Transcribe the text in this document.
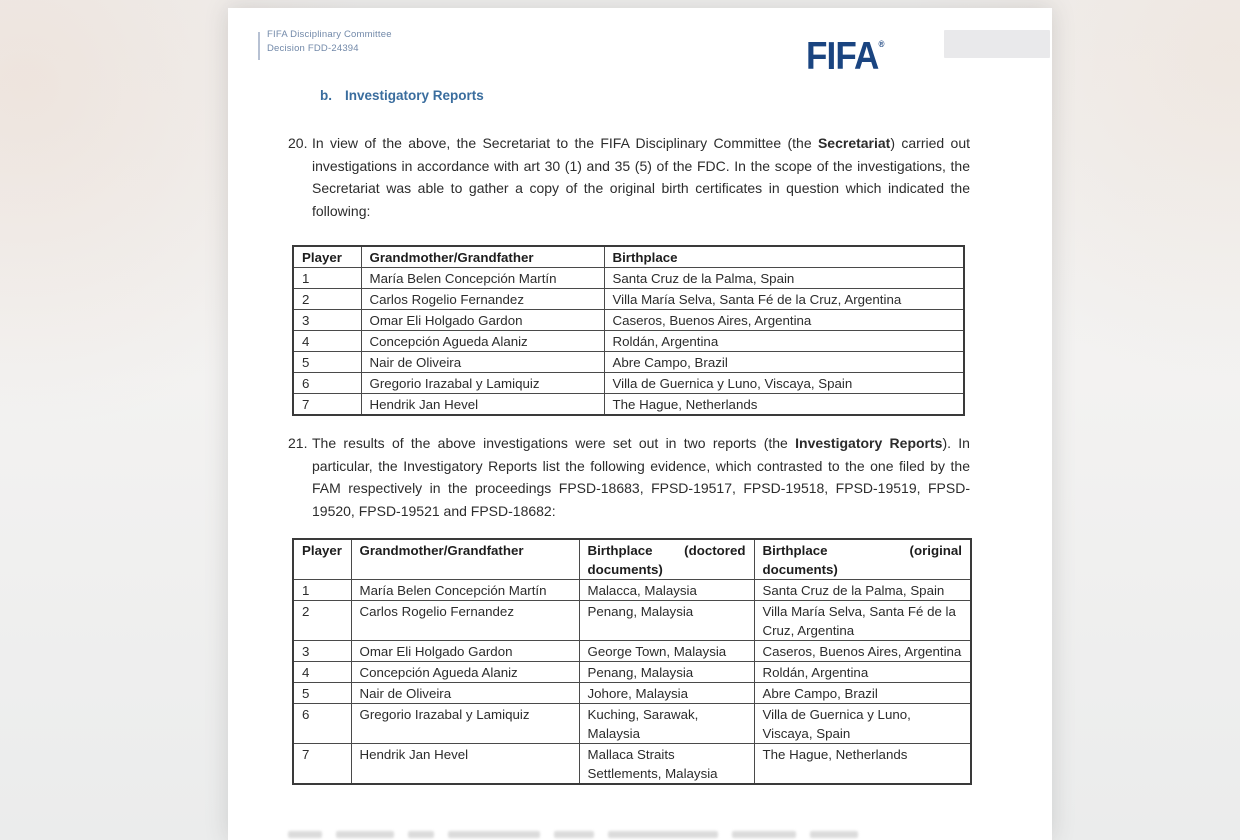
FIFA Disciplinary Committee
Decision FDD-24394	FIFA®
b. Investigatory Reports
20. In view of the above, the Secretariat to the FIFA Disciplinary Committee (the Secretariat) carried out investigations in accordance with art 30 (1) and 35 (5) of the FDC. In the scope of the investigations, the Secretariat was able to gather a copy of the original birth certificates in question which indicated the following:
Player	Grandmother/Grandfather	Birthplace
1	María Belen Concepción Martín	Santa Cruz de la Palma, Spain
2	Carlos Rogelio Fernandez	Villa María Selva, Santa Fé de la Cruz, Argentina
3	Omar Eli Holgado Gardon	Caseros, Buenos Aires, Argentina
4	Concepción Agueda Alaniz	Roldán, Argentina
5	Nair de Oliveira	Abre Campo, Brazil
6	Gregorio Irazabal y Lamiquiz	Villa de Guernica y Luno, Viscaya, Spain
7	Hendrik Jan Hevel	The Hague, Netherlands
21. The results of the above investigations were set out in two reports (the Investigatory Reports). In particular, the Investigatory Reports list the following evidence, which contrasted to the one filed by the FAM respectively in the proceedings FPSD-18683, FPSD-19517, FPSD-19518, FPSD-19519, FPSD-19520, FPSD-19521 and FPSD-18682:
Player	Grandmother/Grandfather	Birthplace (doctored documents)	Birthplace (original documents)
1	María Belen Concepción Martín	Malacca, Malaysia	Santa Cruz de la Palma, Spain
2	Carlos Rogelio Fernandez	Penang, Malaysia	Villa María Selva, Santa Fé de la Cruz, Argentina
3	Omar Eli Holgado Gardon	George Town, Malaysia	Caseros, Buenos Aires, Argentina
4	Concepción Agueda Alaniz	Penang, Malaysia	Roldán, Argentina
5	Nair de Oliveira	Johore, Malaysia	Abre Campo, Brazil
6	Gregorio Irazabal y Lamiquiz	Kuching, Sarawak, Malaysia	Villa de Guernica y Luno, Viscaya, Spain
7	Hendrik Jan Hevel	Mallaca Straits Settlements, Malaysia	The Hague, Netherlands
